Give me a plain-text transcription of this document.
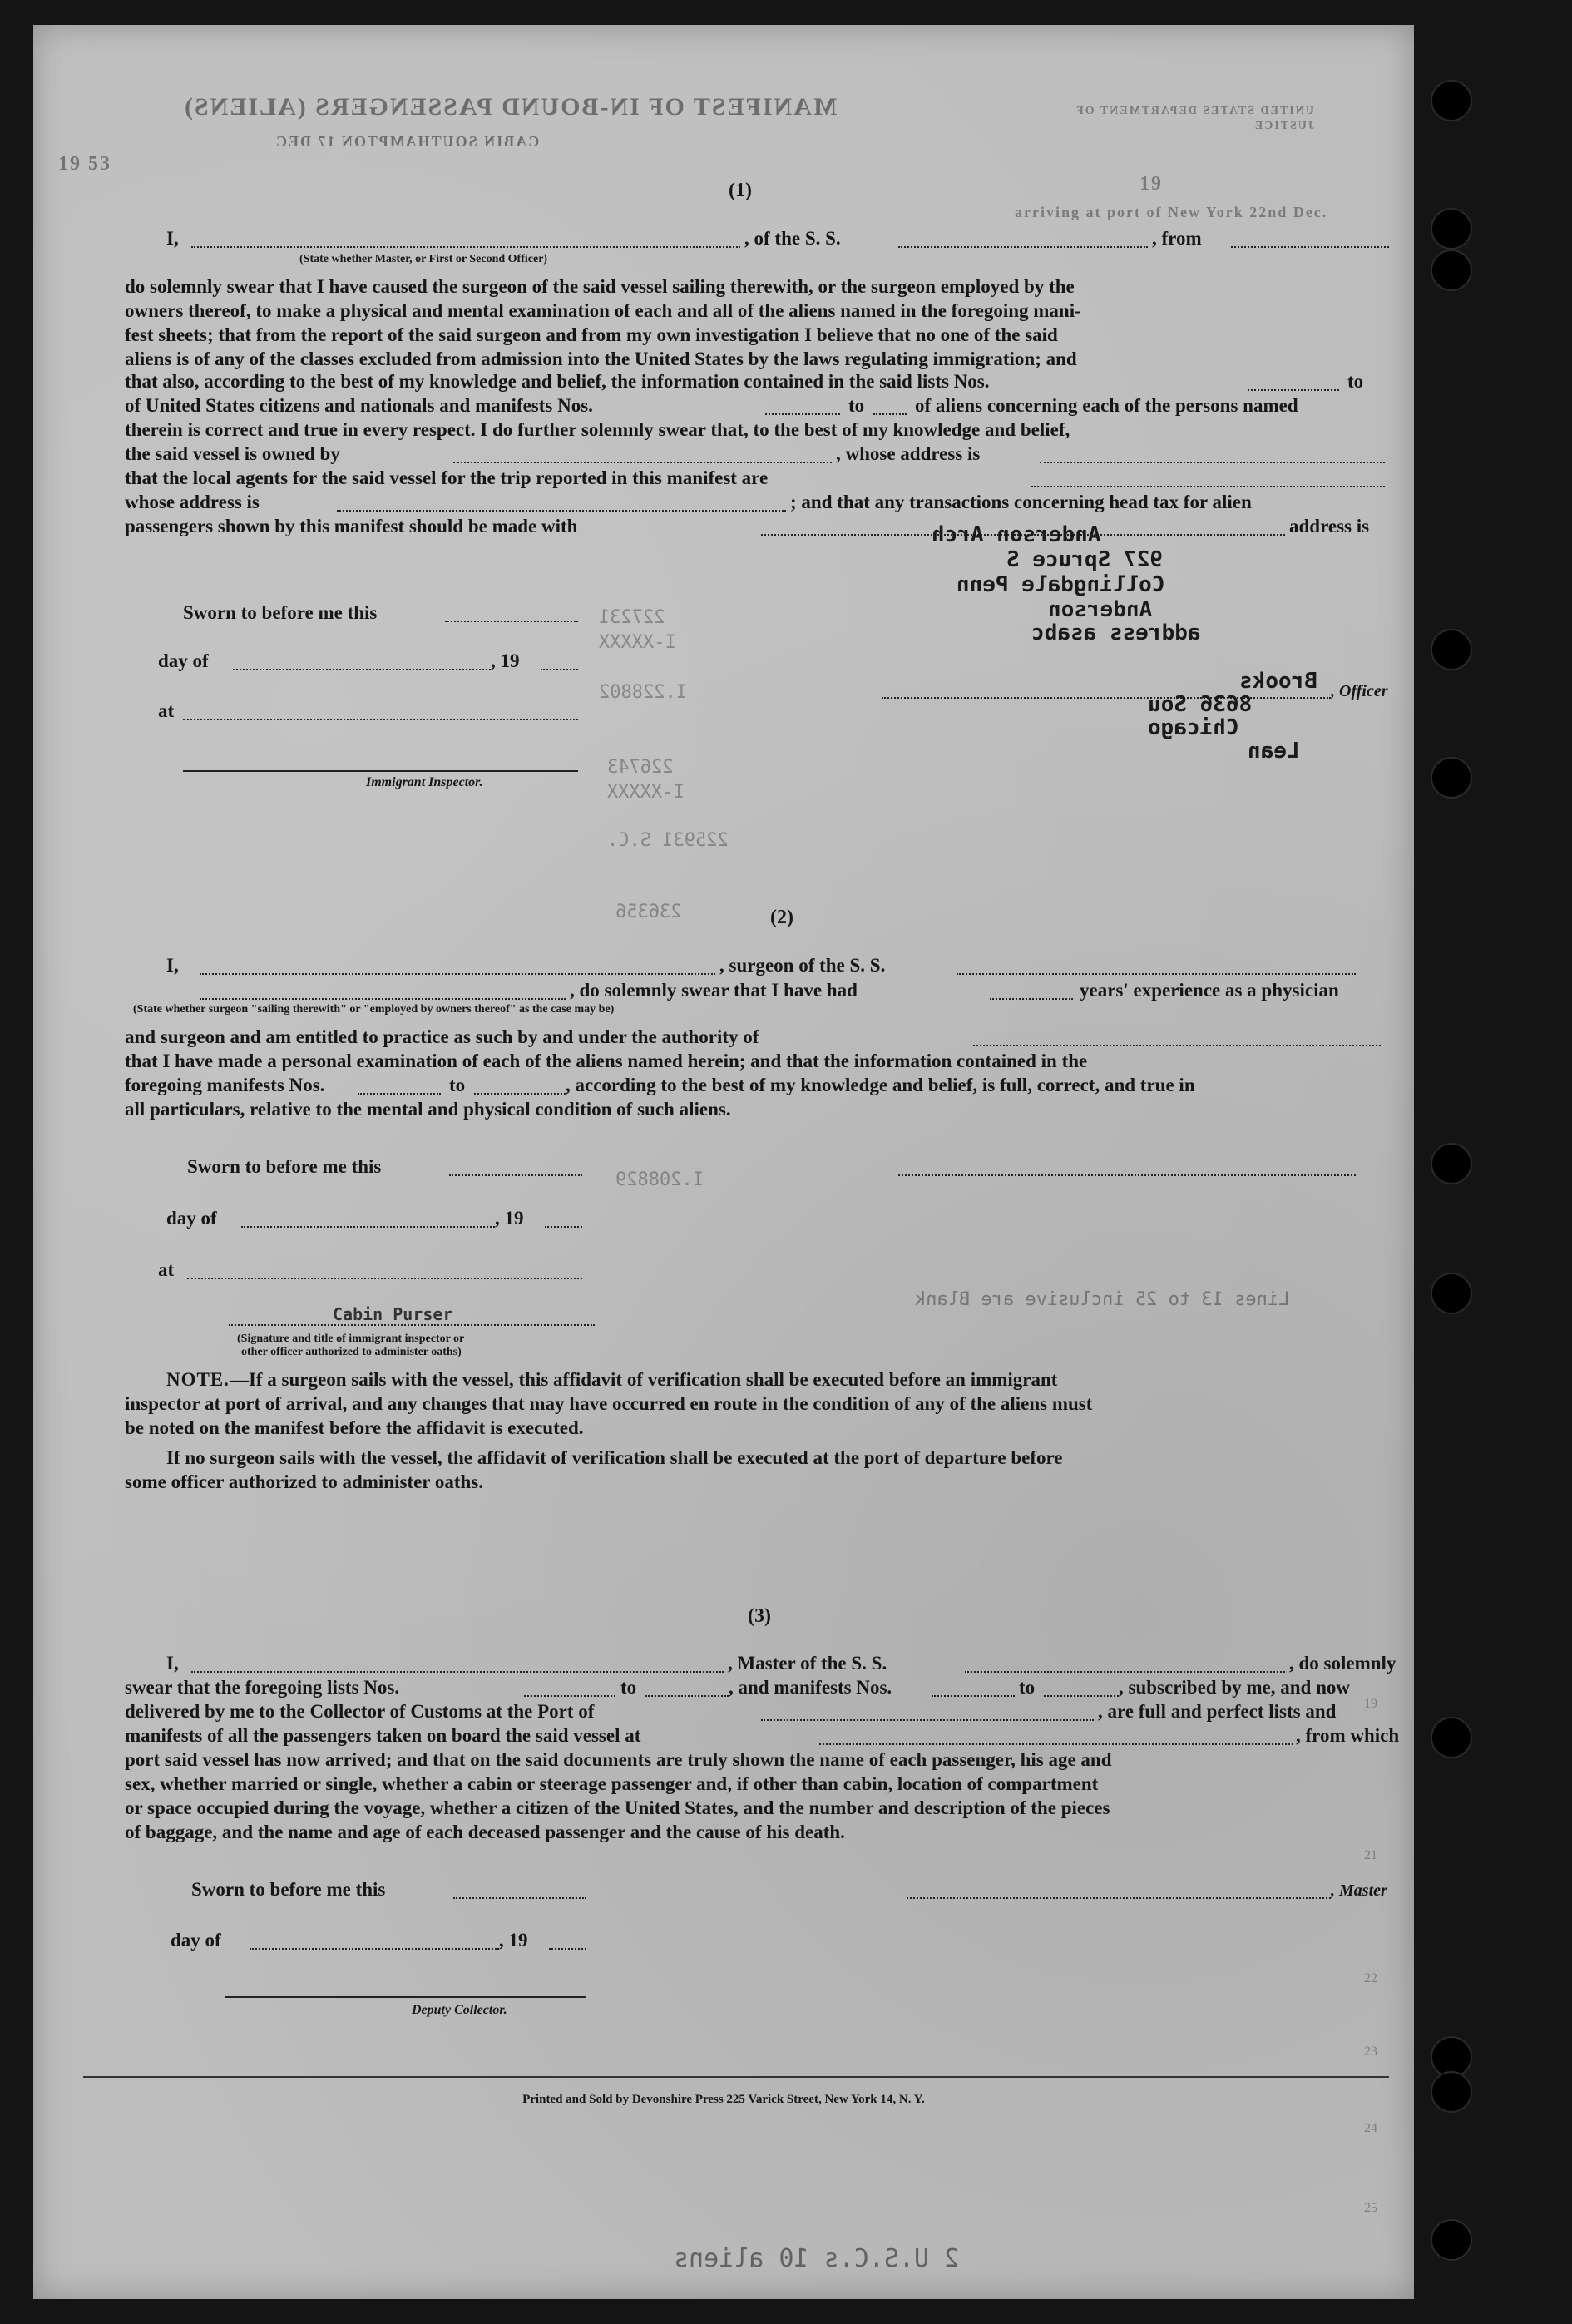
MANIFEST OF IN-BOUND PASSENGERS (ALIENS)
CABIN SOUTHAMPTON 17 DEC
UNITED STATES DEPARTMENT OF JUSTICE
19 53
19
arriving at port of New York 22nd Dec.
(1)
I,	, of the S. S.	, from
(State whether Master, or First or Second Officer)
do solemnly swear that I have caused the surgeon of the said vessel sailing therewith, or the surgeon employed by the
owners thereof, to make a physical and mental examination of each and all of the aliens named in the foregoing mani-
fest sheets; that from the report of the said surgeon and from my own investigation I believe that no one of the said
aliens is of any of the classes excluded from admission into the United States by the laws regulating immigration; and
that also, according to the best of my knowledge and belief, the information contained in the said lists Nos.	to
of United States citizens and nationals and manifests Nos.	to	of aliens concerning each of the persons named
therein is correct and true in every respect. I do further solemnly swear that, to the best of my knowledge and belief,
the said vessel is owned by	, whose address is
that the local agents for the said vessel for the trip reported in this manifest are
whose address is	; and that any transactions concerning head tax for alien
passengers shown by this manifest should be made with	address is
Sworn to before me this
day of	, 19
at
Immigrant Inspector.
, Officer
Anderson Arch
927 Spruce S
Collingdale Penn
Anderson
address asabc
Brooks
8636 Sou
Chicago
Lean
227231
I-XXXXX
I.228802
226743
I-XXXXX
225931 S.C.
236356	(2)
I,	, surgeon of the S. S.
, do solemnly swear that I have had	years' experience as a physician
(State whether surgeon "sailing therewith" or "employed by owners thereof" as the case may be)
and surgeon and am entitled to practice as such by and under the authority of
that I have made a personal examination of each of the aliens named herein; and that the information contained in the
foregoing manifests Nos.	to	, according to the best of my knowledge and belief, is full, correct, and true in
all particulars, relative to the mental and physical condition of such aliens.
Sworn to before me this
day of	, 19
at
Cabin Purser
(Signature and title of immigrant inspector or
other officer authorized to administer oaths)
I.208829
Lines 13 to 25 inclusive are Blank
NOTE.—If a surgeon sails with the vessel, this affidavit of verification shall be executed before an immigrant
inspector at port of arrival, and any changes that may have occurred en route in the condition of any of the aliens must
be noted on the manifest before the affidavit is executed.
If no surgeon sails with the vessel, the affidavit of verification shall be executed at the port of departure before
some officer authorized to administer oaths.
(3)
I,	, Master of the S. S.	, do solemnly
swear that the foregoing lists Nos.	to	, and manifests Nos.	to	, subscribed by me, and now
delivered by me to the Collector of Customs at the Port of	, are full and perfect lists and
manifests of all the passengers taken on board the said vessel at	, from which
port said vessel has now arrived; and that on the said documents are truly shown the name of each passenger, his age and
sex, whether married or single, whether a cabin or steerage passenger and, if other than cabin, location of compartment
or space occupied during the voyage, whether a citizen of the United States, and the number and description of the pieces
of baggage, and the name and age of each deceased passenger and the cause of his death.
Sworn to before me this	, Master
day of	, 19
Deputy Collector.
19
21
22
23
24
25
Printed and Sold by Devonshire Press 225 Varick Street, New York 14, N. Y.
2 U.S.C.s 10 aliens
